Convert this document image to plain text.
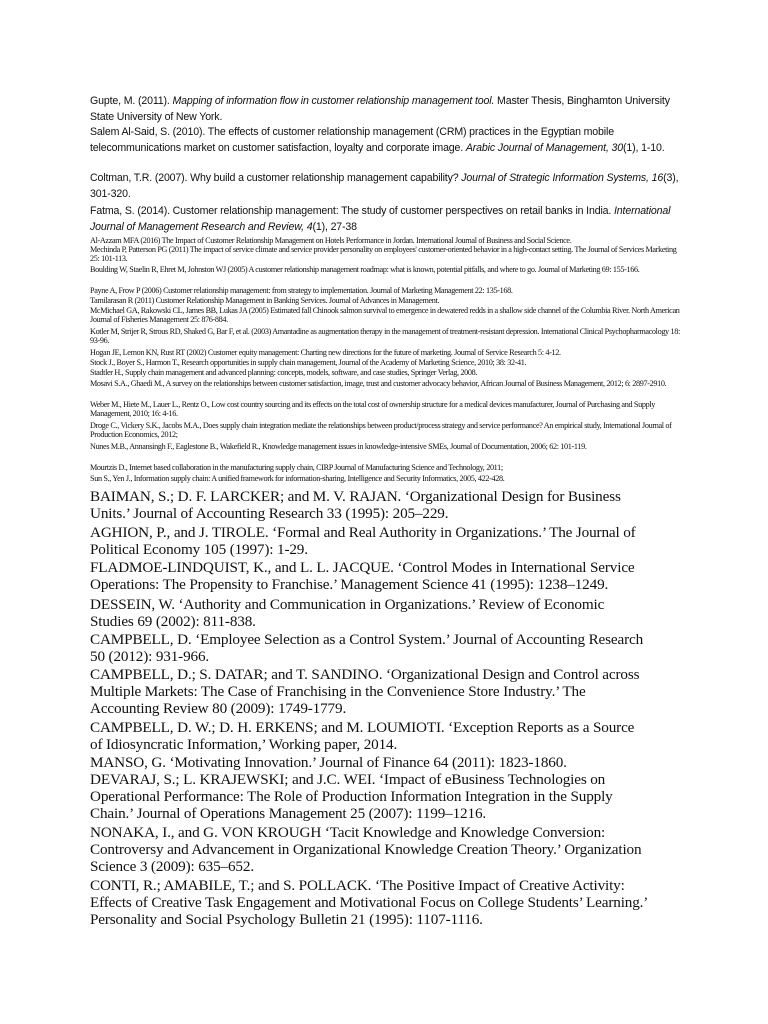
Gupte, M. (2011). Mapping of information flow in customer relationship management tool. Master Thesis, Binghamton University State University of New York.

Salem Al-Said, S. (2010). The effects of customer relationship management (CRM) practices in the Egyptian mobile telecommunications market on customer satisfaction, loyalty and corporate image. Arabic Journal of Management, 30(1), 1-10.

Coltman, T.R. (2007). Why build a customer relationship management capability? Journal of Strategic Information Systems, 16(3), 301-320.

Fatma, S. (2014). Customer relationship management: The study of customer perspectives on retail banks in India. International Journal of Management Research and Review, 4(1), 27-38

Al-Azzam MFA (2016) The Impact of Customer Relationship Management on Hotels Performance in Jordan. International Journal of Business and Social Science.

Mechinda P, Patterson PG (2011) The impact of service climate and service provider personality on employees' customer-oriented behavior in a high-contact setting. The Journal of Services Marketing 25: 101-113.

Boulding W, Staelin R, Ehret M, Johnston WJ (2005) A customer relationship management roadmap: what is known, potential pitfalls, and where to go. Journal of Marketing 69: 155-166.

Payne A, Frow P (2006) Customer relationship management: from strategy to implementation. Journal of Marketing Management 22: 135-168.

Tamilarasan R (2011) Customer Relationship Management in Banking Services. Journal of Advances in Management.

McMichael GA, Rakowski CL, James BB, Lukas JA (2005) Estimated fall Chinook salmon survival to emergence in dewatered redds in a shallow side channel of the Columbia River. North American Journal of Fisheries Management 25: 876-884.

Kotler M, Strijer R, Strous RD, Shaked G, Bar F, et al. (2003) Amantadine as augmentation therapy in the management of treatment-resistant depression. International Clinical Psychopharmacology 18: 93-96.

Hogan JE, Lemon KN, Rust RT (2002) Customer equity management: Charting new directions for the future of marketing. Journal of Service Research 5: 4-12.

Stock J., Boyer S., Harmon T., Research opportunities in supply chain management, Journal of the Academy of Marketing Science, 2010; 38: 32-41.

Stadtler H., Supply chain management and advanced planning: concepts, models, software, and case studies, Springer Verlag, 2008.

Mosavi S.A., Ghaedi M., A survey on the relationships between customer satisfaction, image, trust and customer advocacy behavior, African Journal of Business Management, 2012; 6: 2897-2910.

Weber M., Hiete M., Lauer L., Rentz O., Low cost country sourcing and its effects on the total cost of ownership structure for a medical devices manufacturer, Journal of Purchasing and Supply Management, 2010; 16: 4-16.

Droge C., Vickery S.K., Jacobs M.A., Does supply chain integration mediate the relationships between product/process strategy and service performance? An empirical study, International Journal of Production Economics, 2012;

Nunes M.B., Annansingh F., Eaglestone B., Wakefield R., Knowledge management issues in knowledge-intensive SMEs, Journal of Documentation, 2006; 62: 101-119.

Mourtzis D., Internet based collaboration in the manufacturing supply chain, CIRP Journal of Manufacturing Science and Technology, 2011;

Sun S., Yen J., Information supply chain: A unified framework for information-sharing, Intelligence and Security Informatics, 2005, 422-428.

BAIMAN, S.; D. F. LARCKER; and M. V. RAJAN. ‘Organizational Design for Business Units.’ Journal of Accounting Research 33 (1995): 205–229.

AGHION, P., and J. TIROLE. ‘Formal and Real Authority in Organizations.’ The Journal of Political Economy 105 (1997): 1-29.

FLADMOE-LINDQUIST, K., and L. L. JACQUE. ‘Control Modes in International Service Operations: The Propensity to Franchise.’ Management Science 41 (1995): 1238–1249.

DESSEIN, W. ‘Authority and Communication in Organizations.’ Review of Economic Studies 69 (2002): 811-838.

CAMPBELL, D. ‘Employee Selection as a Control System.’ Journal of Accounting Research 50 (2012): 931-966.

CAMPBELL, D.; S. DATAR; and T. SANDINO. ‘Organizational Design and Control across Multiple Markets: The Case of Franchising in the Convenience Store Industry.’ The Accounting Review 80 (2009): 1749-1779.

CAMPBELL, D. W.; D. H. ERKENS; and M. LOUMIOTI. ‘Exception Reports as a Source of Idiosyncratic Information,’ Working paper, 2014.

MANSO, G. ‘Motivating Innovation.’ Journal of Finance 64 (2011): 1823-1860.

DEVARAJ, S.; L. KRAJEWSKI; and J.C. WEI. ‘Impact of eBusiness Technologies on Operational Performance: The Role of Production Information Integration in the Supply Chain.’ Journal of Operations Management 25 (2007): 1199–1216.

NONAKA, I., and G. VON KROUGH ‘Tacit Knowledge and Knowledge Conversion: Controversy and Advancement in Organizational Knowledge Creation Theory.’ Organization Science 3 (2009): 635–652.

CONTI, R.; AMABILE, T.; and S. POLLACK. ‘The Positive Impact of Creative Activity: Effects of Creative Task Engagement and Motivational Focus on College Students’ Learning.’ Personality and Social Psychology Bulletin 21 (1995): 1107-1116.
